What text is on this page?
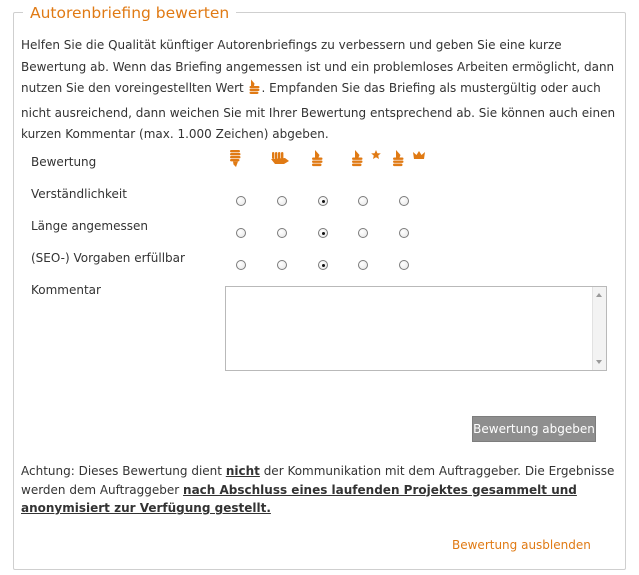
Autorenbriefing bewerten
Helfen Sie die Qualität künftiger Autorenbriefings zu verbessern und geben Sie eine kurze Bewertung ab. Wenn das Briefing angemessen ist und ein problemloses Arbeiten ermöglicht, dann nutzen Sie den voreingestellten Wert . Empfanden Sie das Briefing als mustergültig oder auch nicht ausreichend, dann weichen Sie mit Ihrer Bewertung entsprechend ab. Sie können auch einen kurzen Kommentar (max. 1.000 Zeichen) abgeben.
Bewertung
Verständlichkeit
Länge angemessen
(SEO-) Vorgaben erfüllbar
Kommentar
Bewertung abgeben
Achtung: Dieses Bewertung dient nicht der Kommunikation mit dem Auftraggeber. Die Ergebnisse werden dem Auftraggeber nach Abschluss eines laufenden Projektes gesammelt und anonymisiert zur Verfügung gestellt.
Bewertung ausblenden
